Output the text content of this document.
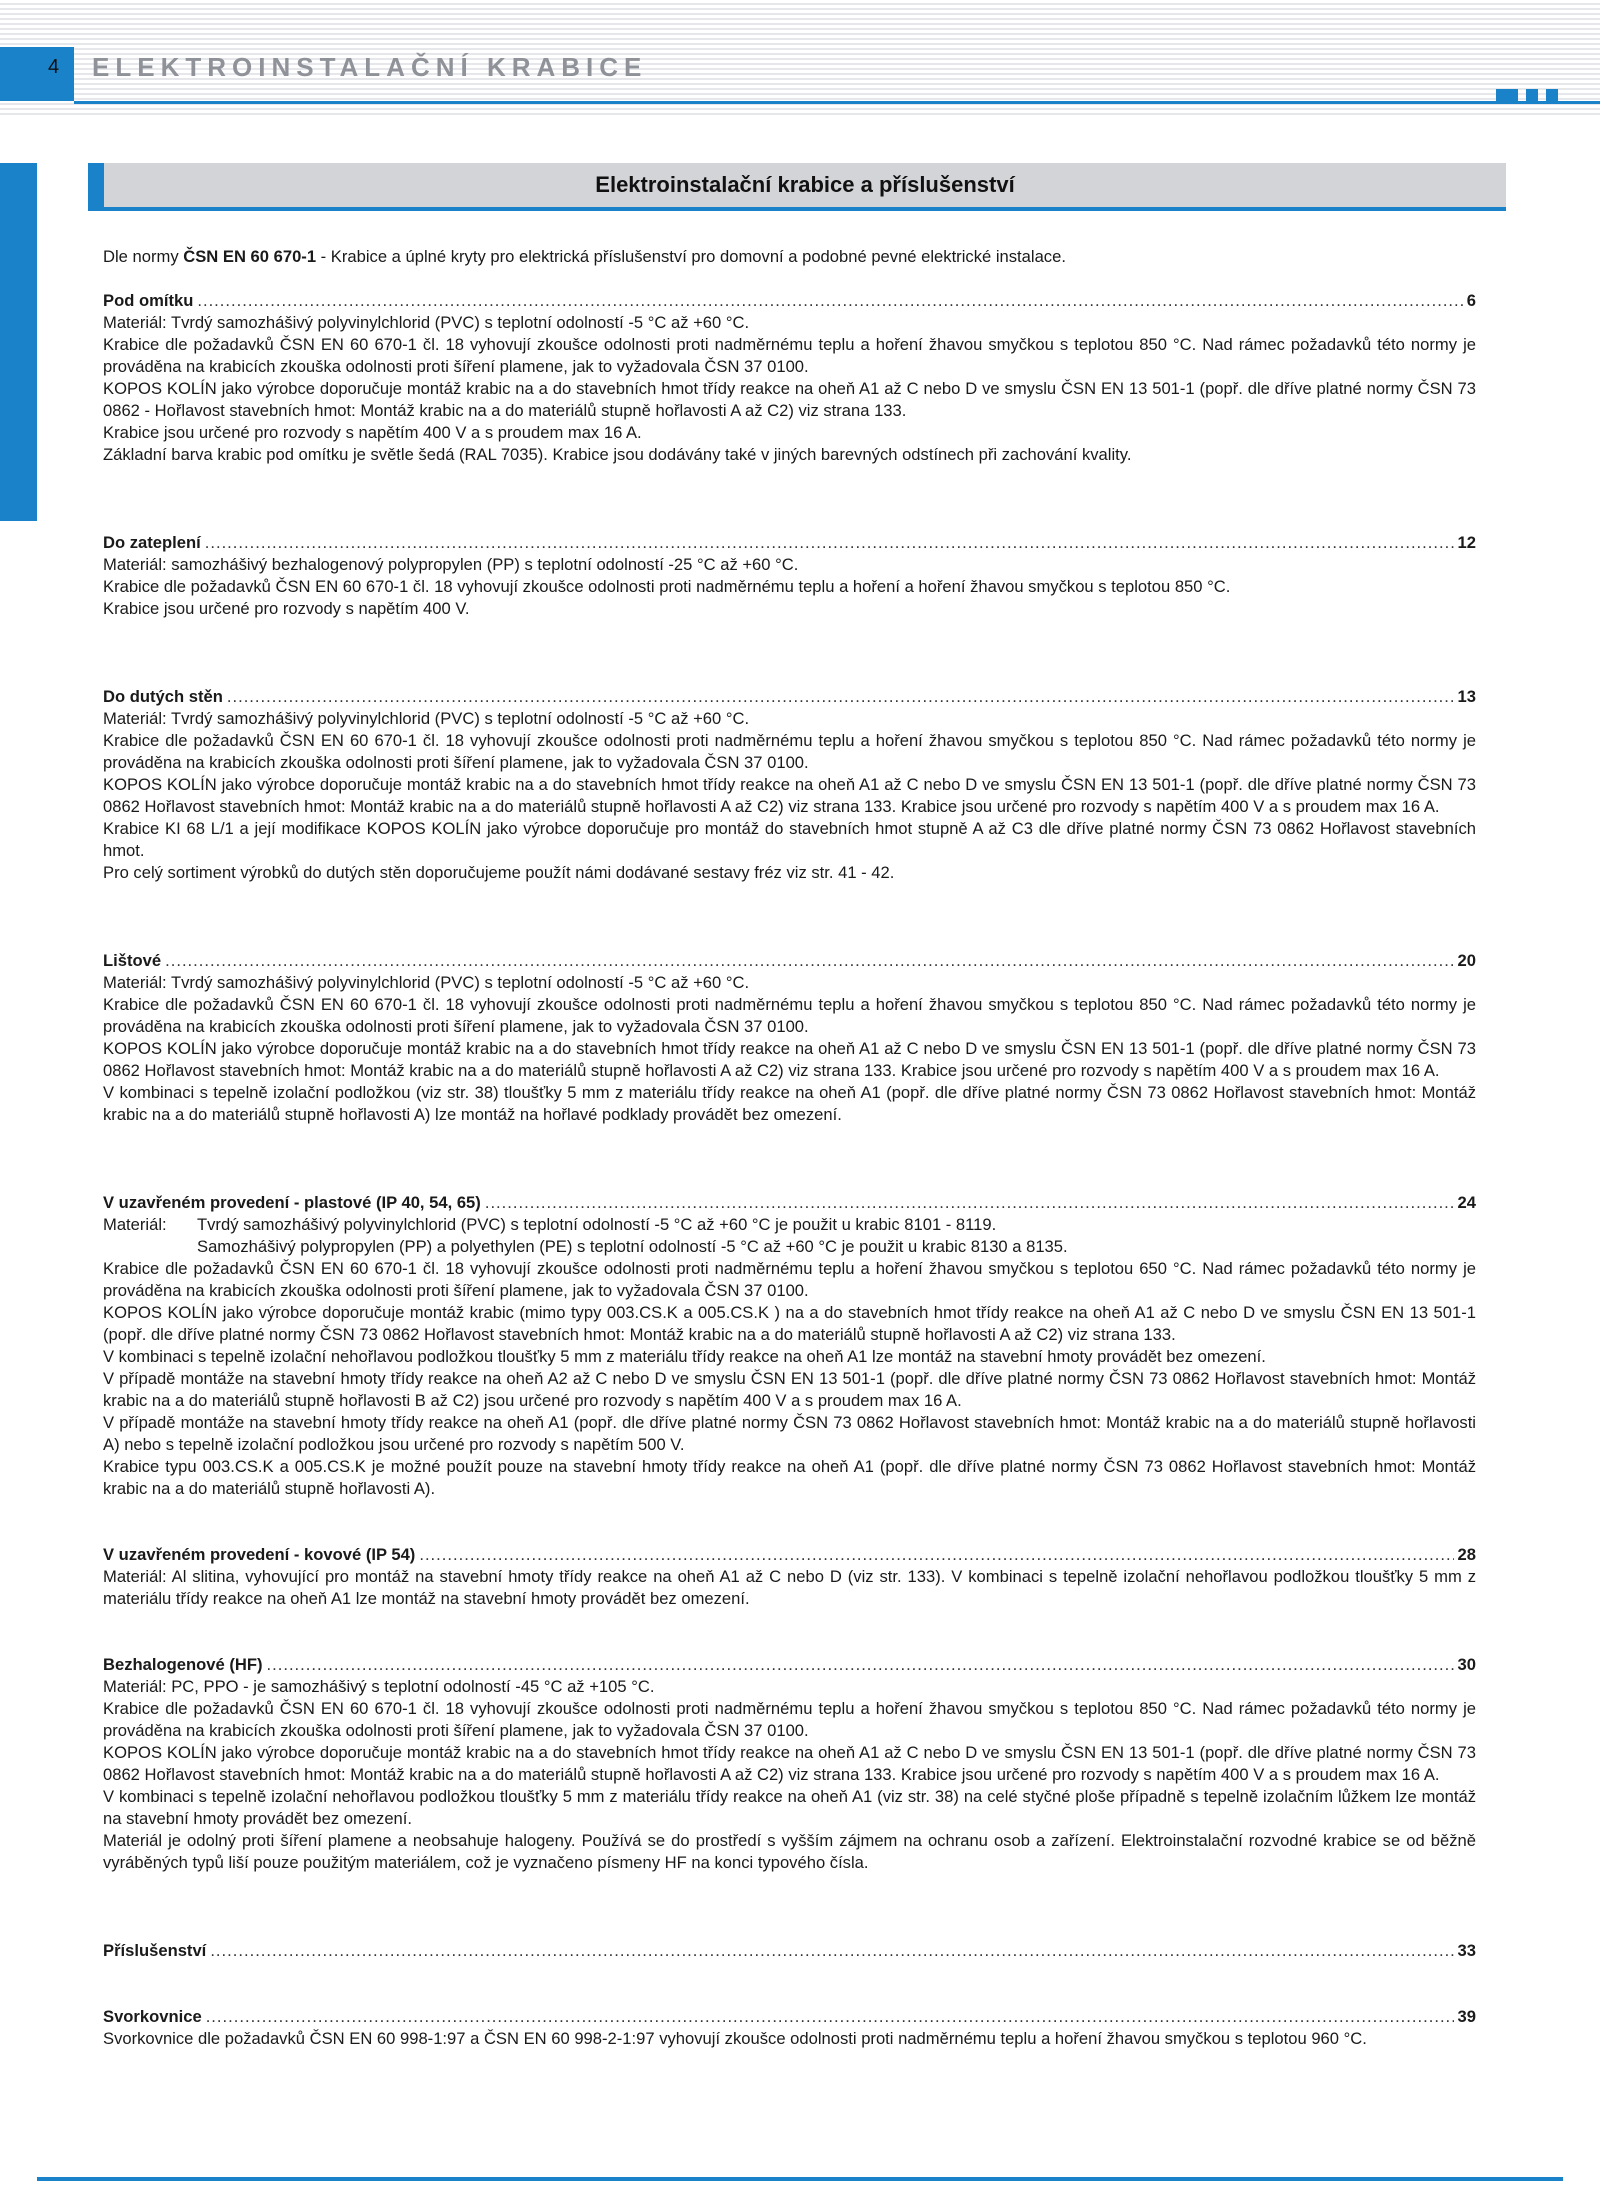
4	ELEKTROINSTALAČNÍ KRABICE
Elektroinstalační krabice a příslušenství

Dle normy ČSN EN 60 670-1 - Krabice a úplné kryty pro elektrická příslušenství pro domovní a podobné pevné elektrické instalace.

Pod omítku .....	6
Materiál: Tvrdý samozhášivý polyvinylchlorid (PVC) s teplotní odolností -5 °C až +60 °C.
Krabice dle požadavků ČSN EN 60 670-1 čl. 18 vyhovují zkoušce odolnosti proti nadměrnému teplu a hoření žhavou smyčkou s teplotou 850 °C. Nad rámec požadavků této normy je prováděna na krabicích zkouška odolnosti proti šíření plamene, jak to vyžadovala ČSN 37 0100.
KOPOS KOLÍN jako výrobce doporučuje montáž krabic na a do stavebních hmot třídy reakce na oheň A1 až C nebo D ve smyslu ČSN EN 13 501-1 (popř. dle dříve platné normy ČSN 73 0862 - Hořlavost stavebních hmot: Montáž krabic na a do materiálů stupně hořlavosti A až C2) viz strana 133.
Krabice jsou určené pro rozvody s napětím 400 V a s proudem max 16 A.
Základní barva krabic pod omítku je světle šedá (RAL 7035). Krabice jsou dodávány také v jiných barevných odstínech při zachování kvality.
Do zateplení .....	12
Materiál: samozhášivý bezhalogenový polypropylen (PP) s teplotní odolností -25 °C až +60 °C.
Krabice dle požadavků ČSN EN 60 670-1 čl. 18 vyhovují zkoušce odolnosti proti nadměrnému teplu a hoření a hoření žhavou smyčkou s teplotou 850 °C.
Krabice jsou určené pro rozvody s napětím 400 V.
Do dutých stěn .....	13
Materiál: Tvrdý samozhášivý polyvinylchlorid (PVC) s teplotní odolností -5 °C až +60 °C.
Krabice dle požadavků ČSN EN 60 670-1 čl. 18 vyhovují zkoušce odolnosti proti nadměrnému teplu a hoření žhavou smyčkou s teplotou 850 °C. Nad rámec požadavků této normy je prováděna na krabicích zkouška odolnosti proti šíření plamene, jak to vyžadovala ČSN 37 0100.
KOPOS KOLÍN jako výrobce doporučuje montáž krabic na a do stavebních hmot třídy reakce na oheň A1 až C nebo D ve smyslu ČSN EN 13 501-1 (popř. dle dříve platné normy ČSN 73 0862 Hořlavost stavebních hmot: Montáž krabic na a do materiálů stupně hořlavosti A až C2) viz strana 133. Krabice jsou určené pro rozvody s napětím 400 V a s proudem max 16 A.
Krabice KI 68 L/1 a její modifikace KOPOS KOLÍN jako výrobce doporučuje pro montáž do stavebních hmot stupně A až C3 dle dříve platné normy ČSN 73 0862 Hořlavost stavebních hmot.
Pro celý sortiment výrobků do dutých stěn doporučujeme použít námi dodávané sestavy fréz viz str. 41 - 42.
Lištové .....	20
Materiál: Tvrdý samozhášivý polyvinylchlorid (PVC) s teplotní odolností -5 °C až +60 °C.
Krabice dle požadavků ČSN EN 60 670-1 čl. 18 vyhovují zkoušce odolnosti proti nadměrnému teplu a hoření žhavou smyčkou s teplotou 850 °C. Nad rámec požadavků této normy je prováděna na krabicích zkouška odolnosti proti šíření plamene, jak to vyžadovala ČSN 37 0100.
KOPOS KOLÍN jako výrobce doporučuje montáž krabic na a do stavebních hmot třídy reakce na oheň A1 až C nebo D ve smyslu ČSN EN 13 501-1 (popř. dle dříve platné normy ČSN 73 0862 Hořlavost stavebních hmot: Montáž krabic na a do materiálů stupně hořlavosti A až C2) viz strana 133. Krabice jsou určené pro rozvody s napětím 400 V a s proudem max 16 A.
V kombinaci s tepelně izolační podložkou (viz str. 38) tloušťky 5 mm z materiálu třídy reakce na oheň A1 (popř. dle dříve platné normy ČSN 73 0862 Hořlavost stavebních hmot: Montáž krabic na a do materiálů stupně hořlavosti A) lze montáž na hořlavé podklady provádět bez omezení.
V uzavřeném provedení - plastové (IP 40, 54, 65) .....	24
Materiál:	Tvrdý samozhášivý polyvinylchlorid (PVC) s teplotní odolností -5 °C až +60 °C je použit u krabic 8101 - 8119.
Samozhášivý polypropylen (PP) a polyethylen (PE) s teplotní odolností -5 °C až +60 °C je použit u krabic 8130 a 8135.
Krabice dle požadavků ČSN EN 60 670-1 čl. 18 vyhovují zkoušce odolnosti proti nadměrnému teplu a hoření žhavou smyčkou s teplotou 650 °C. Nad rámec požadavků této normy je prováděna na krabicích zkouška odolnosti proti šíření plamene, jak to vyžadovala ČSN 37 0100.
KOPOS KOLÍN jako výrobce doporučuje montáž krabic (mimo typy 003.CS.K a 005.CS.K ) na a do stavebních hmot třídy reakce na oheň A1 až C nebo D ve smyslu ČSN EN 13 501-1 (popř. dle dříve platné normy ČSN 73 0862 Hořlavost stavebních hmot: Montáž krabic na a do materiálů stupně hořlavosti A až C2) viz strana 133.
V kombinaci s tepelně izolační nehořlavou podložkou tloušťky 5 mm z materiálu třídy reakce na oheň A1 lze montáž na stavební hmoty provádět bez omezení.
V případě montáže na stavební hmoty třídy reakce na oheň A2 až C nebo D ve smyslu ČSN EN 13 501-1 (popř. dle dříve platné normy ČSN 73 0862 Hořlavost stavebních hmot: Montáž krabic na a do materiálů stupně hořlavosti B až C2) jsou určené pro rozvody s napětím 400 V a s proudem max 16 A.
V případě montáže na stavební hmoty třídy reakce na oheň A1 (popř. dle dříve platné normy ČSN 73 0862 Hořlavost stavebních hmot: Montáž krabic na a do materiálů stupně hořlavosti A) nebo s tepelně izolační podložkou jsou určené pro rozvody s napětím 500 V.
Krabice typu 003.CS.K a 005.CS.K je možné použít pouze na stavební hmoty třídy reakce na oheň A1 (popř. dle dříve platné normy ČSN 73 0862 Hořlavost stavebních hmot: Montáž krabic na a do materiálů stupně hořlavosti A).
V uzavřeném provedení - kovové (IP 54) .....	28
Materiál: Al slitina, vyhovující pro montáž na stavební hmoty třídy reakce na oheň A1 až C nebo D (viz str. 133). V kombinaci s tepelně izolační nehořlavou podložkou tloušťky 5 mm z materiálu třídy reakce na oheň A1 lze montáž na stavební hmoty provádět bez omezení.
Bezhalogenové (HF) .....	30
Materiál: PC, PPO - je samozhášivý s teplotní odolností -45 °C až +105 °C.
Krabice dle požadavků ČSN EN 60 670-1 čl. 18 vyhovují zkoušce odolnosti proti nadměrnému teplu a hoření žhavou smyčkou s teplotou 850 °C. Nad rámec požadavků této normy je prováděna na krabicích zkouška odolnosti proti šíření plamene, jak to vyžadovala ČSN 37 0100.
KOPOS KOLÍN jako výrobce doporučuje montáž krabic na a do stavebních hmot třídy reakce na oheň A1 až C nebo D ve smyslu ČSN EN 13 501-1 (popř. dle dříve platné normy ČSN 73 0862 Hořlavost stavebních hmot: Montáž krabic na a do materiálů stupně hořlavosti A až C2) viz strana 133. Krabice jsou určené pro rozvody s napětím 400 V a s proudem max 16 A.
V kombinaci s tepelně izolační nehořlavou podložkou tloušťky 5 mm z materiálu třídy reakce na oheň A1 (viz str. 38) na celé styčné ploše případně s tepelně izolačním lůžkem lze montáž na stavební hmoty provádět bez omezení.
Materiál je odolný proti šíření plamene a neobsahuje halogeny. Používá se do prostředí s vyšším zájmem na ochranu osob a zařízení. Elektroinstalační rozvodné krabice se od běžně vyráběných typů liší pouze použitým materiálem, což je vyznačeno písmeny HF na konci typového čísla.
Příslušenství .....	33
Svorkovnice .....	39
Svorkovnice dle požadavků ČSN EN 60 998-1:97 a ČSN EN 60 998-2-1:97 vyhovují zkoušce odolnosti proti nadměrnému teplu a hoření žhavou smyčkou s teplotou 960 °C.
